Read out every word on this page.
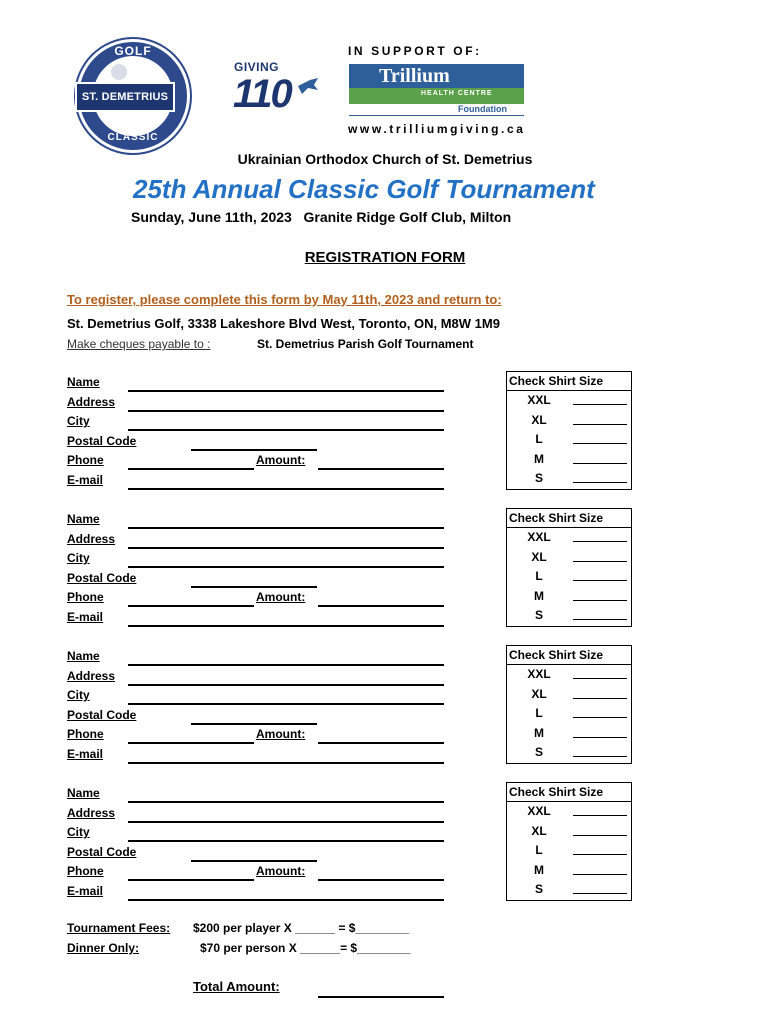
GOLF
ST. DEMETRIUS
CLASSIC
GIVING
110
IN SUPPORT OF:
Trillium
HEALTH CENTRE
Foundation
www.trilliumgiving.ca
Ukrainian Orthodox Church of St. Demetrius
25th Annual Classic Golf Tournament
Sunday, June 11th, 2023   Granite Ridge Golf Club, Milton
REGISTRATION FORM
To register, please complete this form by May 11th, 2023 and return to:
St. Demetrius Golf, 3338 Lakeshore Blvd West, Toronto, ON, M8W 1M9
Make cheques payable to :	St. Demetrius Parish Golf Tournament
Name
Address
City
Postal Code
Phone
E-mail
Amount:
Check Shirt Size
XXL
XL
L
M
S
Name
Address
City
Postal Code
Phone
E-mail
Amount:
Check Shirt Size
XXL
XL
L
M
S
Name
Address
City
Postal Code
Phone
E-mail
Amount:
Check Shirt Size
XXL
XL
L
M
S
Name
Address
City
Postal Code
Phone
E-mail
Amount:
Check Shirt Size
XXL
XL
L
M
S
Tournament Fees: $200 per player X ______ = $________
Dinner Only:	$70 per person X ______= $________
Total Amount:
